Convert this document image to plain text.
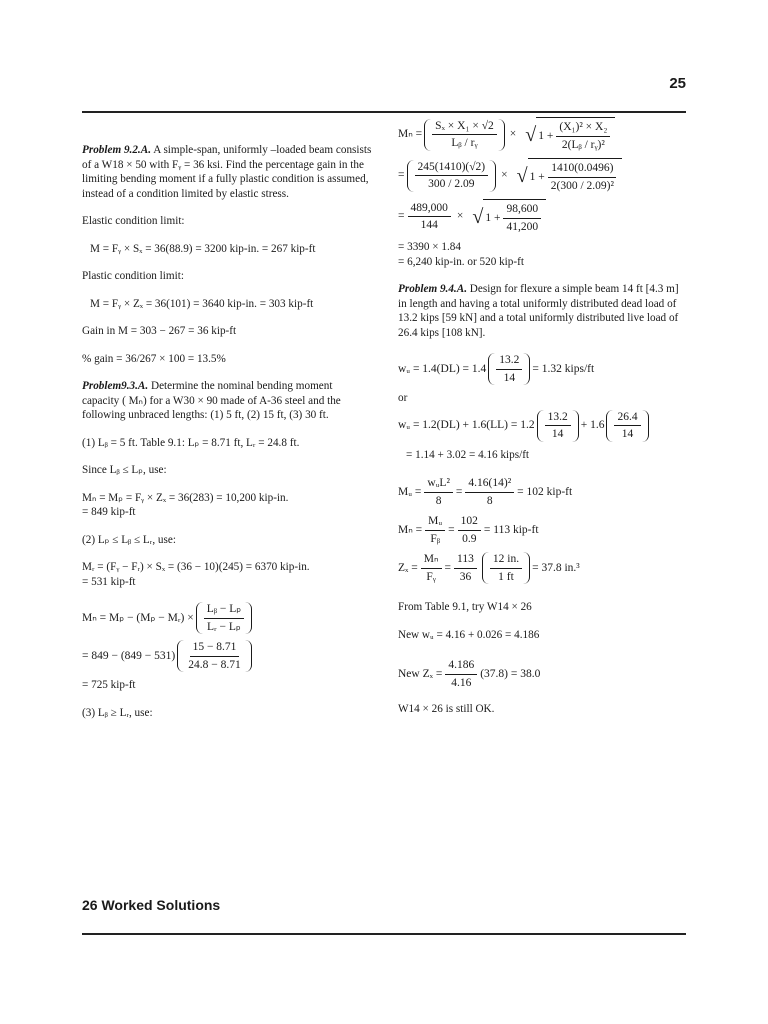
25

Problem 9.2.A. A simple-span, uniformly –loaded beam consists of a W18 × 50 with Fᵧ = 36 ksi. Find the percentage gain in the limiting bending moment if a fully plastic condition is assumed, instead of a condition limited by elastic stress.

Elastic condition limit:

M = Fᵧ × Sₓ = 36(88.9) = 3200 kip-in. = 267 kip-ft

Plastic condition limit:

M = Fᵧ × Zₓ = 36(101) = 3640 kip-in. = 303 kip-ft

Gain in M = 303 − 267 = 36 kip-ft

% gain = 36/267 × 100 = 13.5%

Problem9.3.A. Determine the nominal bending moment capacity ( Mₙ) for a W30 × 90 made of A-36 steel and the following unbraced lengths: (1) 5 ft, (2) 15 ft, (3) 30 ft.

(1) Lᵦ = 5 ft. Table 9.1: Lₚ = 8.71 ft, Lᵣ = 24.8 ft.

Since Lᵦ ≤ Lₚ, use:

Mₙ = Mₚ = Fᵧ × Zₓ = 36(283) = 10,200 kip-in.

= 849 kip-ft

(2) Lₚ ≤ Lᵦ ≤ Lᵣ, use:

Mᵣ = (Fᵧ − Fᵣ) × Sₓ = (36 − 10)(245) = 6370 kip-in.

= 531 kip-ft

Mₙ = Mₚ − (Mₚ − Mᵣ) × $\frac{\text{Lᵦ − Lₚ}}{\text{Lᵣ − Lₚ}}$
= $849 - (849 - 531) \frac{15 - 8.71}{24.8 - 8.71}$

= 725 kip-ft

(3) Lᵦ ≥ Lᵣ, use:

$M_n = \frac{\text{Sₓ × X₁ × √2}}{\text{Lᵦ / rᵧ}}$ × √ $1 + \frac{\text{(X₁)² × X₂}}{\text{2(Lᵦ / rᵧ)²}}$
= $\frac{245(1410)(√2)}{300 / 2.09}$ × √ $1 + \frac{1410(0.0496)}{\text{2(300 / 2.09)²}}$
= $\frac{489,000}{144}$ × √ $1 + \frac{98,600}{41,200}$

= 3390 × 1.84

= 6,240 kip-in. or 520 kip-ft

Problem 9.4.A. Design for flexure a simple beam 14 ft [4.3 m] in length and having a total uniformly distributed dead load of 13.2 kips [59 kN] and a total uniformly distributed live load of 26.4 kips [108 kN].

wᵤ = $1.4(DL) = 1.4 \frac{13.2}{14} = 1.32$ kips/ft

or

wᵤ = $1.2(DL) + 1.6(LL) = 1.2 \frac{13.2}{14} + 1.6 \frac{26.4}{14}$

= 1.14 + 3.02 = 4.16 kips/ft

Mᵤ = $\frac{\text{wᵤL²}}{8} = \frac{\text{4.16(14)²}}{8} = 102$ kip-ft
$M_n = \frac{\text{Mᵤ}}{\text{Fᵦ}} = \frac{102}{0.9} = 113$ kip-ft
$Z_x = \frac{\text{Mₙ}}{\text{Fᵧ}} = \frac{113}{36} \frac{12 in.}{1 ft} = 37.8$ in.³

From Table 9.1, try W14 × 26

New wᵤ = 4.16 + 0.026 = 4.186

New $Z_x = \frac{4.186}{4.16} (37.8) = 38.0$

W14 × 26 is still OK.

26 Worked Solutions
